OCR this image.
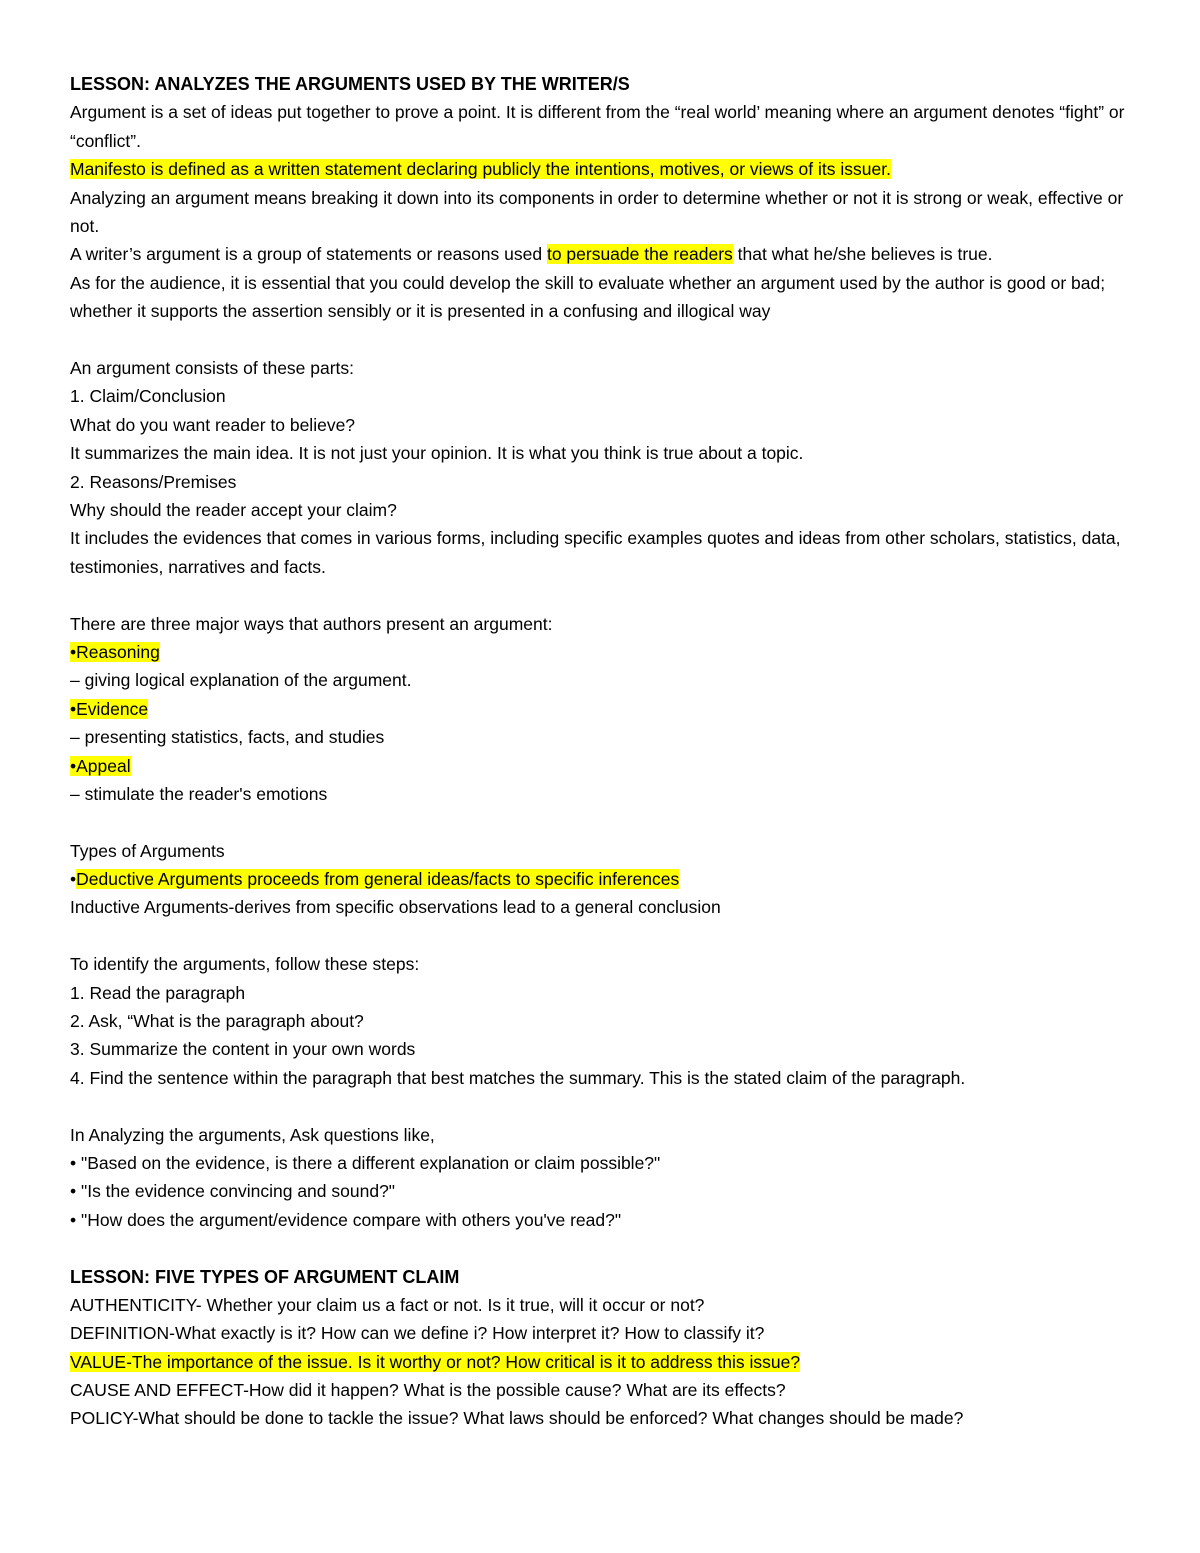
LESSON: ANALYZES THE ARGUMENTS USED BY THE WRITER/S
Argument is a set of ideas put together to prove a point. It is different from the “real world’ meaning where an argument denotes “fight” or “conflict”.
Manifesto is defined as a written statement declaring publicly the intentions, motives, or views of its issuer.
Analyzing an argument means breaking it down into its components in order to determine whether or not it is strong or weak, effective or not.
A writer’s argument is a group of statements or reasons used to persuade the readers that what he/she believes is true.
As for the audience, it is essential that you could develop the skill to evaluate whether an argument used by the author is good or bad; whether it supports the assertion sensibly or it is presented in a confusing and illogical way
An argument consists of these parts:
1. Claim/Conclusion
What do you want reader to believe?
It summarizes the main idea. It is not just your opinion. It is what you think is true about a topic.
2. Reasons/Premises
Why should the reader accept your claim?
It includes the evidences that comes in various forms, including specific examples quotes and ideas from other scholars, statistics, data, testimonies, narratives and facts.
There are three major ways that authors present an argument:
•Reasoning
– giving logical explanation of the argument.
•Evidence
– presenting statistics, facts, and studies
•Appeal
– stimulate the reader's emotions
Types of Arguments
•Deductive Arguments proceeds from general ideas/facts to specific inferences
Inductive Arguments-derives from specific observations lead to a general conclusion
To identify the arguments, follow these steps:
1. Read the paragraph
2. Ask, “What is the paragraph about?
3. Summarize the content in your own words
4. Find the sentence within the paragraph that best matches the summary. This is the stated claim of the paragraph.
In Analyzing the arguments, Ask questions like,
• "Based on the evidence, is there a different explanation or claim possible?"
• "Is the evidence convincing and sound?"
• "How does the argument/evidence compare with others you've read?"
LESSON: FIVE TYPES OF ARGUMENT CLAIM
AUTHENTICITY- Whether your claim us a fact or not. Is it true, will it occur or not?
DEFINITION-What exactly is it? How can we define i? How interpret it? How to classify it?
VALUE-The importance of the issue. Is it worthy or not? How critical is it to address this issue?
CAUSE AND EFFECT-How did it happen? What is the possible cause? What are its effects?
POLICY-What should be done to tackle the issue? What laws should be enforced? What changes should be made?
